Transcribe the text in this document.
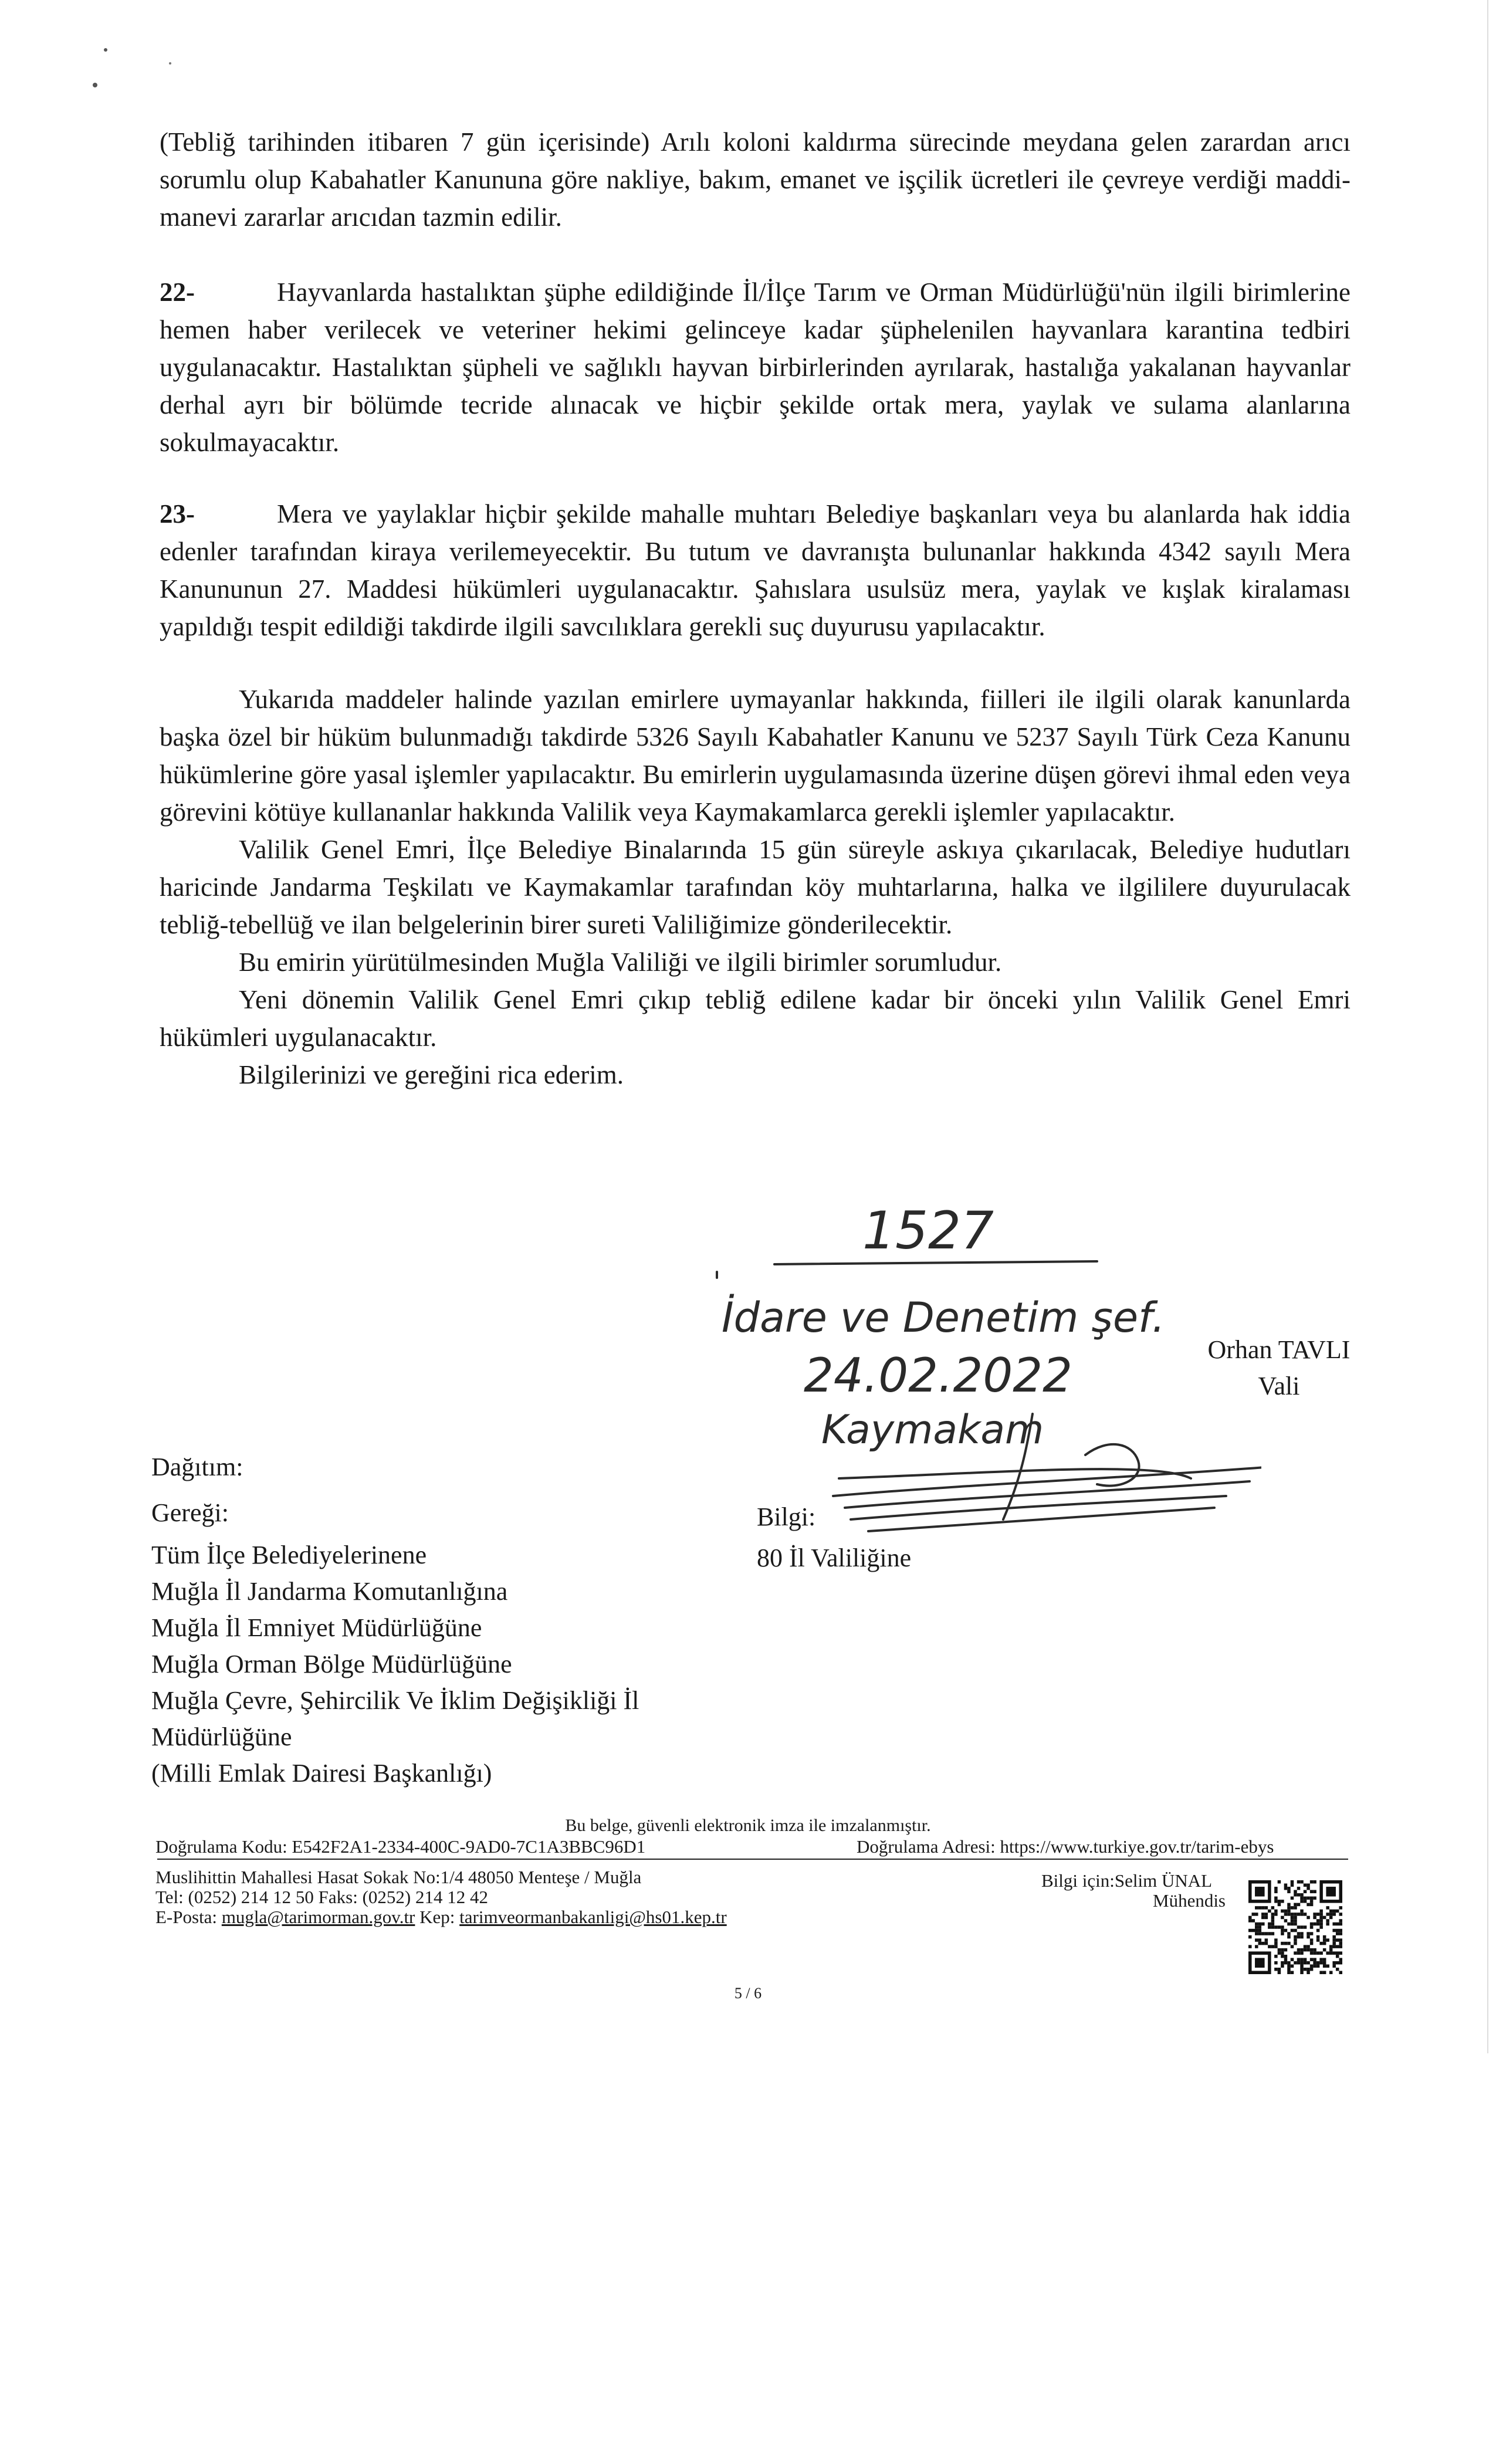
(Tebliğ tarihinden itibaren 7 gün içerisinde) Arılı koloni kaldırma sürecinde meydana gelen zarardan arıcı sorumlu olup Kabahatler Kanununa göre nakliye, bakım, emanet ve işçilik ücretleri ile çevreye verdiği maddi-manevi zararlar arıcıdan tazmin edilir.

22-	Hayvanlarda hastalıktan şüphe edildiğinde İl/İlçe Tarım ve Orman Müdürlüğü'nün ilgili birimlerine hemen haber verilecek ve veteriner hekimi gelinceye kadar şüphelenilen hayvanlara karantina tedbiri uygulanacaktır. Hastalıktan şüpheli ve sağlıklı hayvan birbirlerinden ayrılarak, hastalığa yakalanan hayvanlar derhal ayrı bir bölümde tecride alınacak ve hiçbir şekilde ortak mera, yaylak ve sulama alanlarına sokulmayacaktır.

23-	Mera ve yaylaklar hiçbir şekilde mahalle muhtarı Belediye başkanları veya bu alanlarda hak iddia edenler tarafından kiraya verilemeyecektir. Bu tutum ve davranışta bulunanlar hakkında 4342 sayılı Mera Kanununun 27. Maddesi hükümleri uygulanacaktır. Şahıslara usulsüz mera, yaylak ve kışlak kiralaması yapıldığı tespit edildiği takdirde ilgili savcılıklara gerekli suç duyurusu yapılacaktır.

Yukarıda maddeler halinde yazılan emirlere uymayanlar hakkında, fiilleri ile ilgili olarak kanunlarda başka özel bir hüküm bulunmadığı takdirde 5326 Sayılı Kabahatler Kanunu ve 5237 Sayılı Türk Ceza Kanunu hükümlerine göre yasal işlemler yapılacaktır. Bu emirlerin uygulamasında üzerine düşen görevi ihmal eden veya görevini kötüye kullananlar hakkında Valilik veya Kaymakamlarca gerekli işlemler yapılacaktır.

Valilik Genel Emri, İlçe Belediye Binalarında 15 gün süreyle askıya çıkarılacak, Belediye hudutları haricinde Jandarma Teşkilatı ve Kaymakamlar tarafından köy muhtarlarına, halka ve ilgililere duyurulacak tebliğ-tebellüğ ve ilan belgelerinin birer sureti Valiliğimize gönderilecektir.

Bu emirin yürütülmesinden Muğla Valiliği ve ilgili birimler sorumludur.

Yeni dönemin Valilik Genel Emri çıkıp tebliğ edilene kadar bir önceki yılın Valilik Genel Emri hükümleri uygulanacaktır.

Bilgilerinizi ve gereğini rica ederim.

1527
İdare ve Denetim şef.
24.02.2022
Kaymakam
Orhan TAVLI
Vali
Dağıtım:
Gereği:
Tüm İlçe Belediyelerinene
Muğla İl Jandarma Komutanlığına
Muğla İl Emniyet Müdürlüğüne
Muğla Orman Bölge Müdürlüğüne
Muğla Çevre, Şehircilik Ve İklim Değişikliği İl
Müdürlüğüne
(Milli Emlak Dairesi Başkanlığı)
Bilgi:
80 İl Valiliğine
Bu belge, güvenli elektronik imza ile imzalanmıştır.
Doğrulama Kodu: E542F2A1-2334-400C-9AD0-7C1A3BBC96D1	Doğrulama Adresi: https://www.turkiye.gov.tr/tarim-ebys
Muslihittin Mahallesi Hasat Sokak No:1/4 48050 Menteşe / Muğla
Tel: (0252) 214 12 50 Faks: (0252) 214 12 42
E-Posta: mugla@tarimorman.gov.tr Kep: tarimveormanbakanligi@hs01.kep.tr
Bilgi için:Selim ÜNAL
Mühendis
5 / 6
